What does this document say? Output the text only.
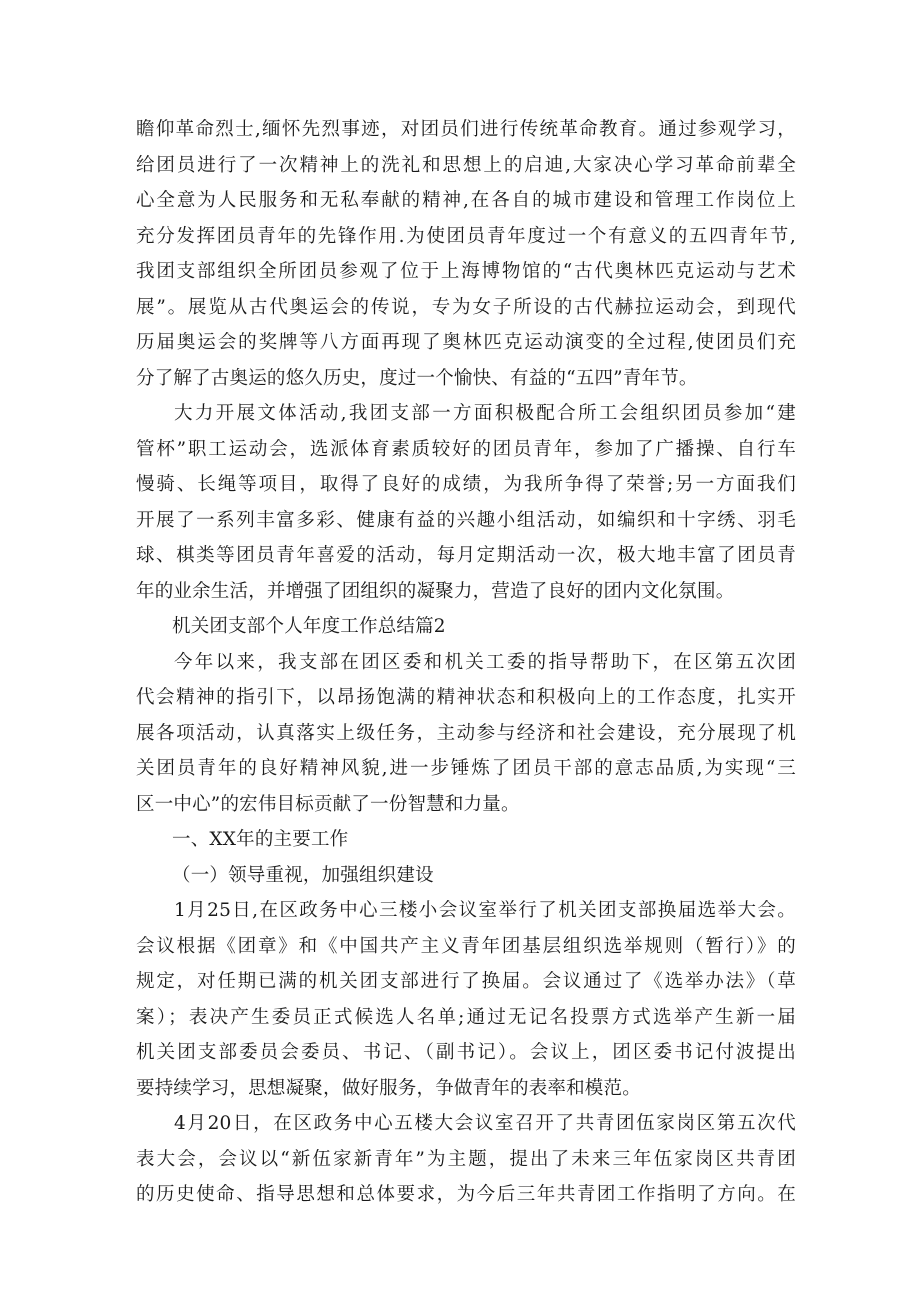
瞻仰革命烈士,缅怀先烈事迹，对团员们进行传统革命教育。通过参观学习，
给团员进行了一次精神上的洗礼和思想上的启迪,大家决心学习革命前辈全
心全意为人民服务和无私奉献的精神,在各自的城市建设和管理工作岗位上
充分发挥团员青年的先锋作用.为使团员青年度过一个有意义的五四青年节,
我团支部组织全所团员参观了位于上海博物馆的“古代奥林匹克运动与艺术
展”。展览从古代奥运会的传说，专为女子所设的古代赫拉运动会，到现代
历届奥运会的奖牌等八方面再现了奥林匹克运动演变的全过程,使团员们充
分了解了古奥运的悠久历史，度过一个愉快、有益的“五四”青年节。
大力开展文体活动,我团支部一方面积极配合所工会组织团员参加“建
管杯”职工运动会，选派体育素质较好的团员青年，参加了广播操、自行车
慢骑、长绳等项目，取得了良好的成绩，为我所争得了荣誉;另一方面我们
开展了一系列丰富多彩、健康有益的兴趣小组活动，如编织和十字绣、羽毛
球、棋类等团员青年喜爱的活动，每月定期活动一次，极大地丰富了团员青
年的业余生活，并增强了团组织的凝聚力，营造了良好的团内文化氛围。
机关团支部个人年度工作总结篇2
今年以来，我支部在团区委和机关工委的指导帮助下，在区第五次团
代会精神的指引下，以昂扬饱满的精神状态和积极向上的工作态度，扎实开
展各项活动，认真落实上级任务，主动参与经济和社会建设，充分展现了机
关团员青年的良好精神风貌,进一步锤炼了团员干部的意志品质,为实现“三
区一中心”的宏伟目标贡献了一份智慧和力量。
一、XX年的主要工作
（一）领导重视，加强组织建设
1月25日,在区政务中心三楼小会议室举行了机关团支部换届选举大会。
会议根据《团章》和《中国共产主义青年团基层组织选举规则（暂行）》的
规定，对任期已满的机关团支部进行了换届。会议通过了《选举办法》（草
案）；表决产生委员正式候选人名单;通过无记名投票方式选举产生新一届
机关团支部委员会委员、书记、（副书记）。会议上，团区委书记付波提出
要持续学习，思想凝聚，做好服务，争做青年的表率和模范。
4月20日，在区政务中心五楼大会议室召开了共青团伍家岗区第五次代
表大会，会议以“新伍家新青年”为主题，提出了未来三年伍家岗区共青团
的历史使命、指导思想和总体要求，为今后三年共青团工作指明了方向。在
